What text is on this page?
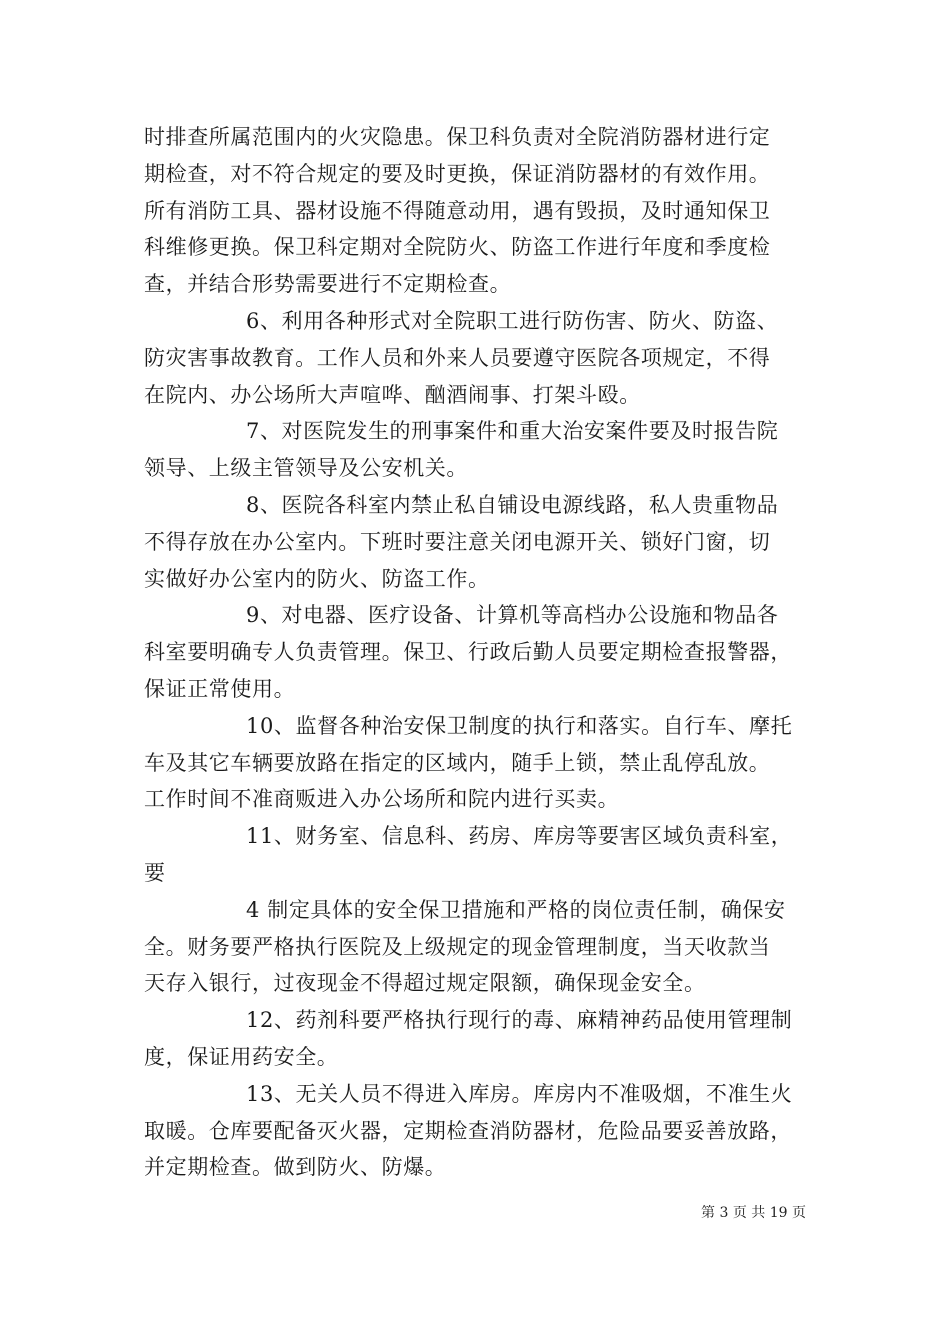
时排查所属范围内的火灾隐患。保卫科负责对全院消防器材进行定
期检查，对不符合规定的要及时更换，保证消防器材的有效作用。
所有消防工具、器材设施不得随意动用，遇有毁损，及时通知保卫
科维修更换。保卫科定期对全院防火、防盗工作进行年度和季度检
查，并结合形势需要进行不定期检查。
6、利用各种形式对全院职工进行防伤害、防火、防盗、
防灾害事故教育。工作人员和外来人员要遵守医院各项规定，不得
在院内、办公场所大声喧哗、酗酒闹事、打架斗殴。
7、对医院发生的刑事案件和重大治安案件要及时报告院
领导、上级主管领导及公安机关。
8、医院各科室内禁止私自铺设电源线路，私人贵重物品
不得存放在办公室内。下班时要注意关闭电源开关、锁好门窗，切
实做好办公室内的防火、防盗工作。
9、对电器、医疗设备、计算机等高档办公设施和物品各
科室要明确专人负责管理。保卫、行政后勤人员要定期检查报警器，
保证正常使用。
10、监督各种治安保卫制度的执行和落实。自行车、摩托
车及其它车辆要放路在指定的区域内，随手上锁，禁止乱停乱放。
工作时间不准商贩进入办公场所和院内进行买卖。
11、财务室、信息科、药房、库房等要害区域负责科室，
要
4 制定具体的安全保卫措施和严格的岗位责任制，确保安
全。财务要严格执行医院及上级规定的现金管理制度，当天收款当
天存入银行，过夜现金不得超过规定限额，确保现金安全。
12、药剂科要严格执行现行的毒、麻精神药品使用管理制
度，保证用药安全。
13、无关人员不得进入库房。库房内不准吸烟，不准生火
取暖。仓库要配备灭火器，定期检查消防器材，危险品要妥善放路，
并定期检查。做到防火、防爆。
第 3 页 共 19 页
